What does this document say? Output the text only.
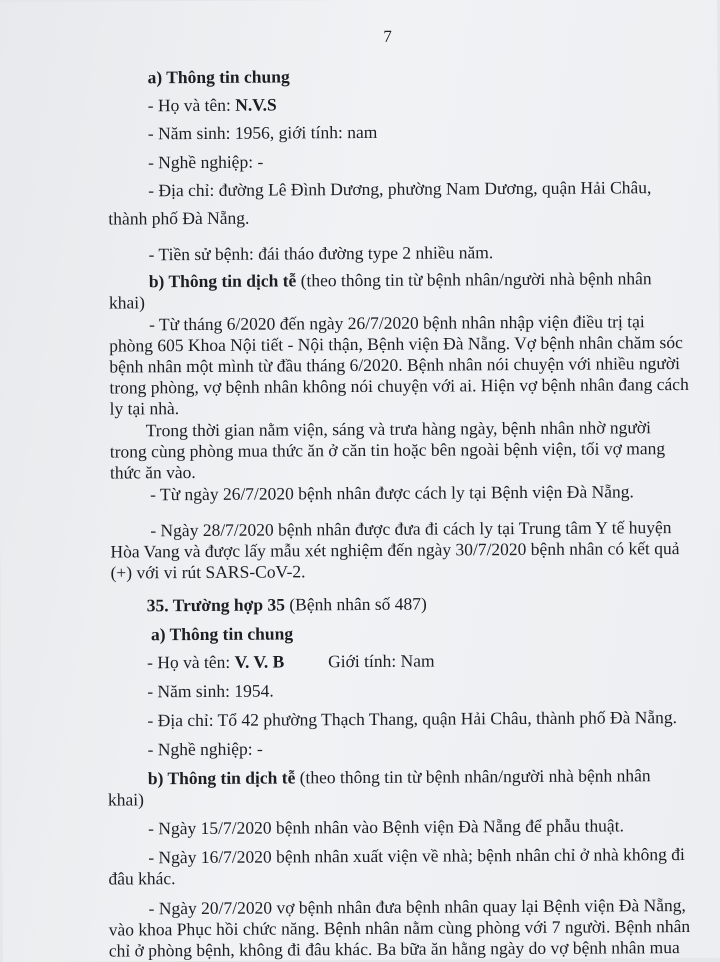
7
a) Thông tin chung
- Họ và tên: N.V.S
- Năm sinh: 1956, giới tính: nam
- Nghề nghiệp: -
- Địa chỉ: đường Lê Đình Dương, phường Nam Dương, quận Hải Châu,
thành phố Đà Nẵng.
- Tiền sử bệnh: đái tháo đường type 2 nhiều năm.
b) Thông tin dịch tễ (theo thông tin từ bệnh nhân/người nhà bệnh nhân
khai)
- Từ tháng 6/2020 đến ngày 26/7/2020 bệnh nhân nhập viện điều trị tại
phòng 605 Khoa Nội tiết - Nội thận, Bệnh viện Đà Nẵng. Vợ bệnh nhân chăm sóc
bệnh nhân một mình từ đầu tháng 6/2020. Bệnh nhân nói chuyện với nhiều người
trong phòng, vợ bệnh nhân không nói chuyện với ai. Hiện vợ bệnh nhân đang cách
ly tại nhà.
Trong thời gian nằm viện, sáng và trưa hàng ngày, bệnh nhân nhờ người
trong cùng phòng mua thức ăn ở căn tin hoặc bên ngoài bệnh viện, tối vợ mang
thức ăn vào.
- Từ ngày 26/7/2020 bệnh nhân được cách ly tại Bệnh viện Đà Nẵng.
- Ngày 28/7/2020 bệnh nhân được đưa đi cách ly tại Trung tâm Y tế huyện
Hòa Vang và được lấy mẫu xét nghiệm đến ngày 30/7/2020 bệnh nhân có kết quả
(+) với vi rút SARS-CoV-2.
35. Trường hợp 35 (Bệnh nhân số 487)
a) Thông tin chung
- Họ và tên: V. V. B	Giới tính: Nam
- Năm sinh: 1954.
- Địa chỉ: Tổ 42 phường Thạch Thang, quận Hải Châu, thành phố Đà Nẵng.
- Nghề nghiệp: -
b) Thông tin dịch tễ (theo thông tin từ bệnh nhân/người nhà bệnh nhân
khai)
- Ngày 15/7/2020 bệnh nhân vào Bệnh viện Đà Nẵng để phẫu thuật.
- Ngày 16/7/2020 bệnh nhân xuất viện về nhà; bệnh nhân chỉ ở nhà không đi
đâu khác.
- Ngày 20/7/2020 vợ bệnh nhân đưa bệnh nhân quay lại Bệnh viện Đà Nẵng,
vào khoa Phục hồi chức năng. Bệnh nhân nằm cùng phòng với 7 người. Bệnh nhân
chỉ ở phòng bệnh, không đi đâu khác. Ba bữa ăn hằng ngày do vợ bệnh nhân mua
